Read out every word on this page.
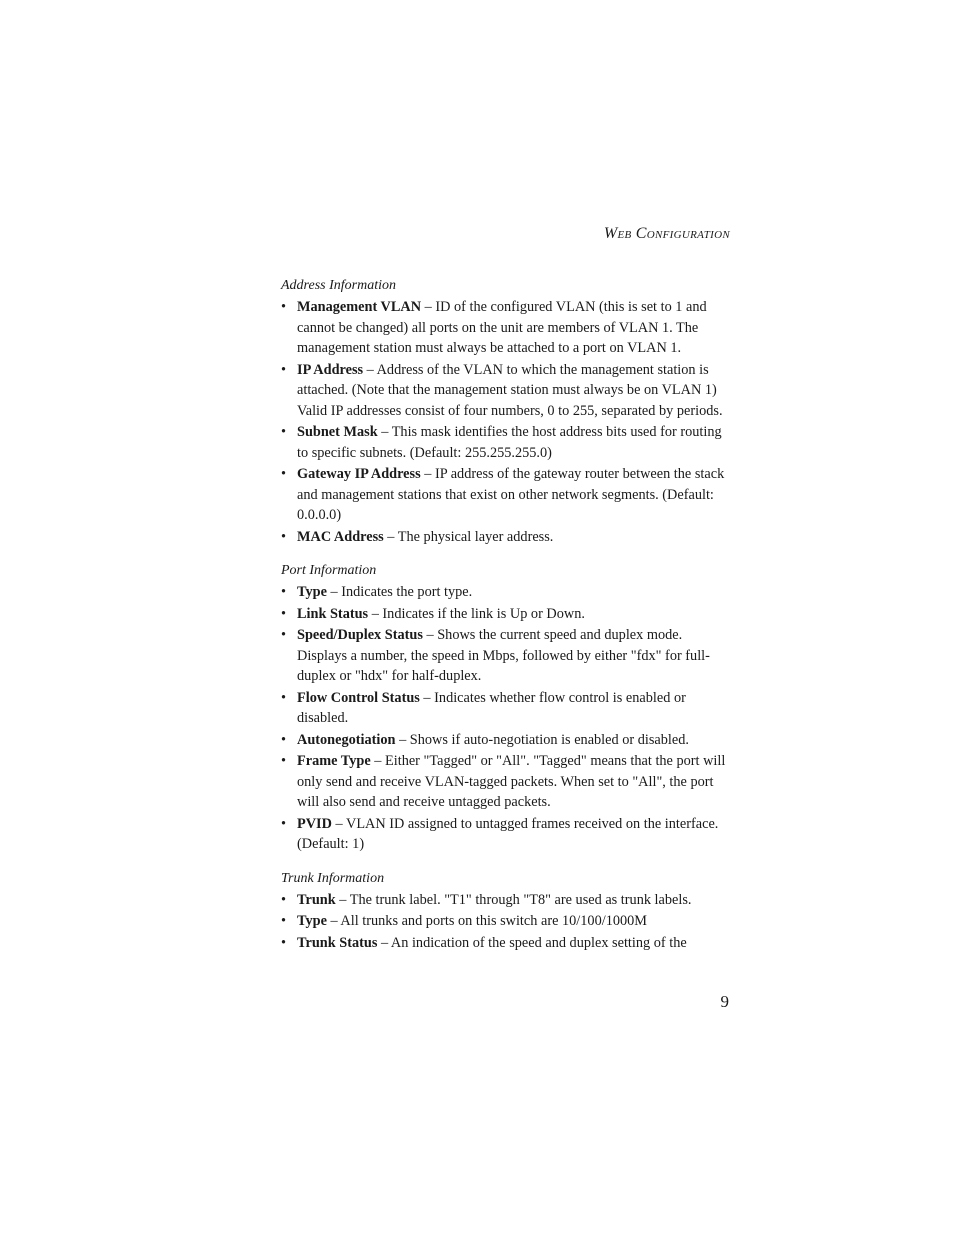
Web Configuration
Address Information
• Management VLAN – ID of the configured VLAN (this is set to 1 and cannot be changed) all ports on the unit are members of VLAN 1. The management station must always be attached to a port on VLAN 1.
• IP Address – Address of the VLAN to which the management station is attached. (Note that the management station must always be on VLAN 1) Valid IP addresses consist of four numbers, 0 to 255, separated by periods.
• Subnet Mask – This mask identifies the host address bits used for routing to specific subnets. (Default: 255.255.255.0)
• Gateway IP Address – IP address of the gateway router between the stack and management stations that exist on other network segments. (Default: 0.0.0.0)
• MAC Address – The physical layer address.
Port Information
• Type – Indicates the port type.
• Link Status – Indicates if the link is Up or Down.
• Speed/Duplex Status – Shows the current speed and duplex mode. Displays a number, the speed in Mbps, followed by either "fdx" for full-duplex or "hdx" for half-duplex.
• Flow Control Status – Indicates whether flow control is enabled or disabled.
• Autonegotiation – Shows if auto-negotiation is enabled or disabled.
• Frame Type – Either "Tagged" or "All". "Tagged" means that the port will only send and receive VLAN-tagged packets. When set to "All", the port will also send and receive untagged packets.
• PVID – VLAN ID assigned to untagged frames received on the interface. (Default: 1)
Trunk Information
• Trunk – The trunk label. "T1" through "T8" are used as trunk labels.
• Type – All trunks and ports on this switch are 10/100/1000M
• Trunk Status – An indication of the speed and duplex setting of the
9
